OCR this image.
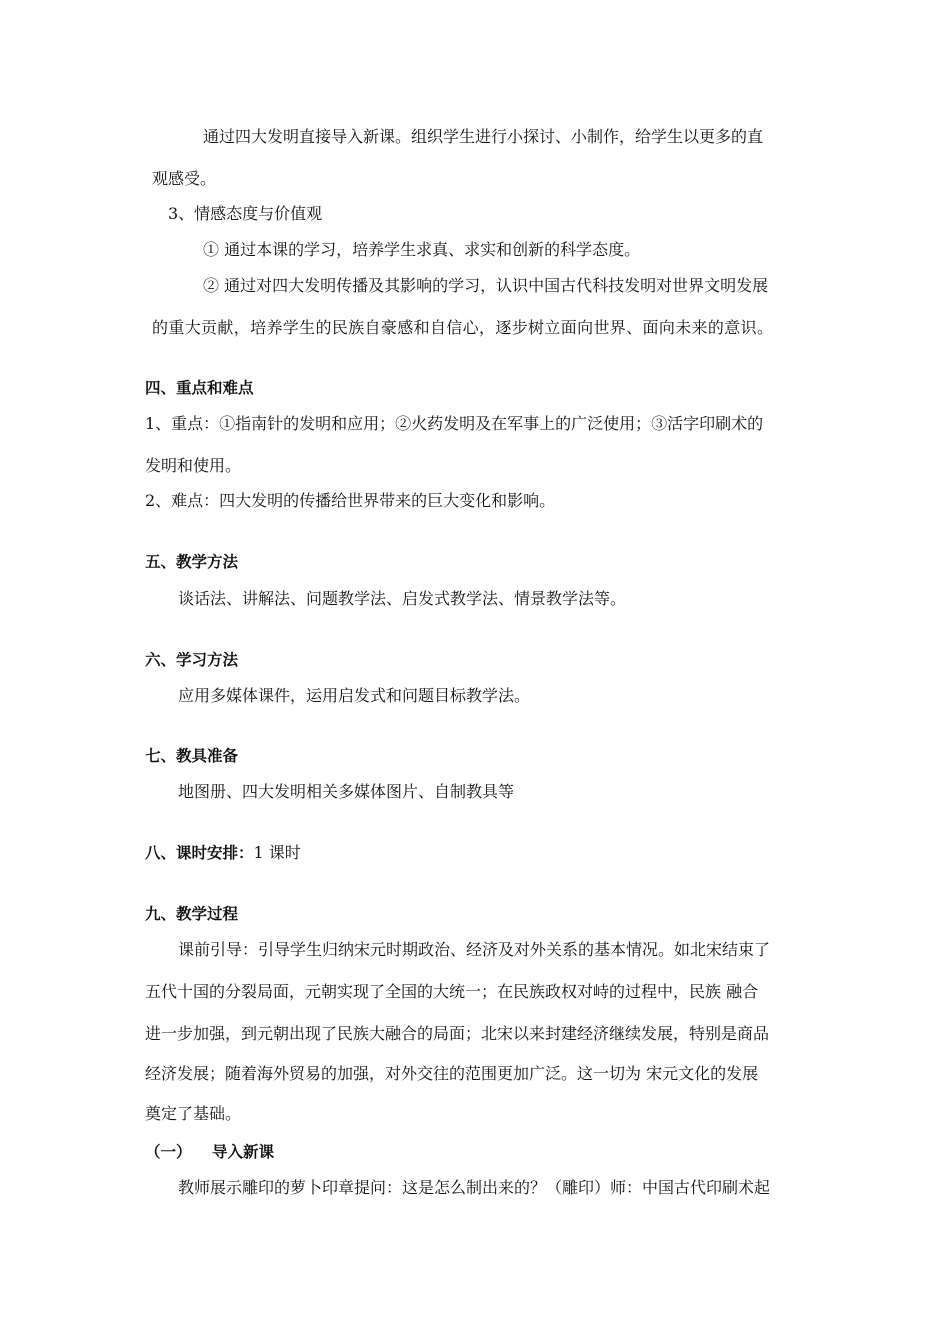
通过四大发明直接导入新课。组织学生进行小探讨、小制作，给学生以更多的直
观感受。
3、情感态度与价值观
① 通过本课的学习，培养学生求真、求实和创新的科学态度。
② 通过对四大发明传播及其影响的学习，认识中国古代科技发明对世界文明发展
的重大贡献，培养学生的民族自豪感和自信心，逐步树立面向世界、面向未来的意识。
四、重点和难点
1、重点：①指南针的发明和应用；②火药发明及在军事上的广泛使用；③活字印刷术的
发明和使用。
2、难点：四大发明的传播给世界带来的巨大变化和影响。
五、教学方法
谈话法、讲解法、问题教学法、启发式教学法、情景教学法等。
六、学习方法
应用多媒体课件，运用启发式和问题目标教学法。
七、教具准备
地图册、四大发明相关多媒体图片、自制教具等
八、课时安排：1 课时
九、教学过程
课前引导：引导学生归纳宋元时期政治、经济及对外关系的基本情况。如北宋结束了
五代十国的分裂局面，元朝实现了全国的大统一；在民族政权对峙的过程中，民族 融合
进一步加强，到元朝出现了民族大融合的局面；北宋以来封建经济继续发展，特别是商品
经济发展；随着海外贸易的加强，对外交往的范围更加广泛。这一切为 宋元文化的发展
奠定了基础。
（一） 导入新课
教师展示雕印的萝卜印章提问：这是怎么制出来的？（雕印）师：中国古代印刷术起
